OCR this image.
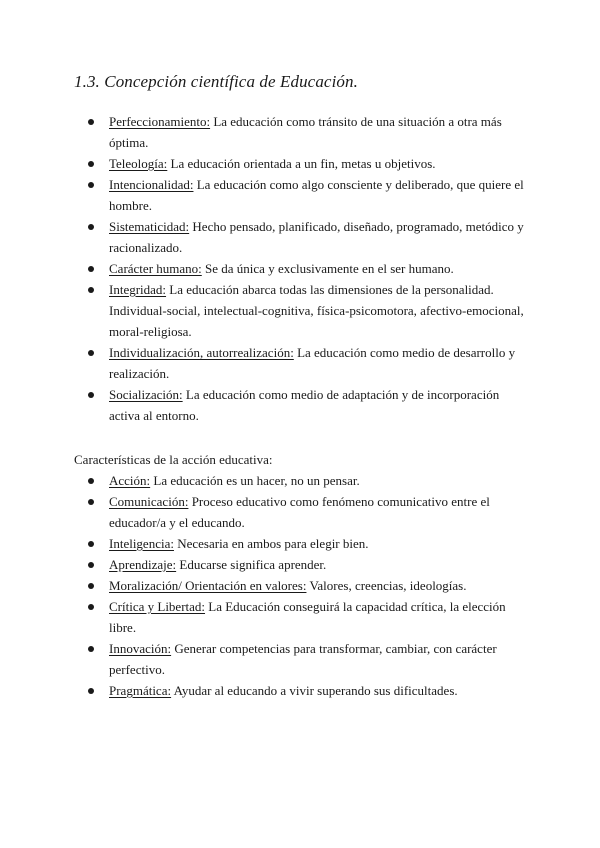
1.3. Concepción científica de Educación.
Perfeccionamiento: La educación como tránsito de una situación a otra más óptima.
Teleología: La educación orientada a un fin, metas u objetivos.
Intencionalidad: La educación como algo consciente y deliberado, que quiere el hombre.
Sistematicidad: Hecho pensado, planificado, diseñado, programado, metódico y racionalizado.
Carácter humano: Se da única y exclusivamente en el ser humano.
Integridad: La educación abarca todas las dimensiones de la personalidad. Individual-social, intelectual-cognitiva, física-psicomotora, afectivo-emocional, moral-religiosa.
Individualización, autorrealización: La educación como medio de desarrollo y realización.
Socialización: La educación como medio de adaptación y de incorporación activa al entorno.
Características de la acción educativa:
Acción: La educación es un hacer, no un pensar.
Comunicación: Proceso educativo como fenómeno comunicativo entre el educador/a y el educando.
Inteligencia: Necesaria en ambos para elegir bien.
Aprendizaje: Educarse significa aprender.
Moralización/ Orientación en valores: Valores, creencias, ideologías.
Crítica y Libertad: La Educación conseguirá la capacidad crítica, la elección libre.
Innovación: Generar competencias para transformar, cambiar, con carácter perfectivo.
Pragmática: Ayudar al educando a vivir superando sus dificultades.
